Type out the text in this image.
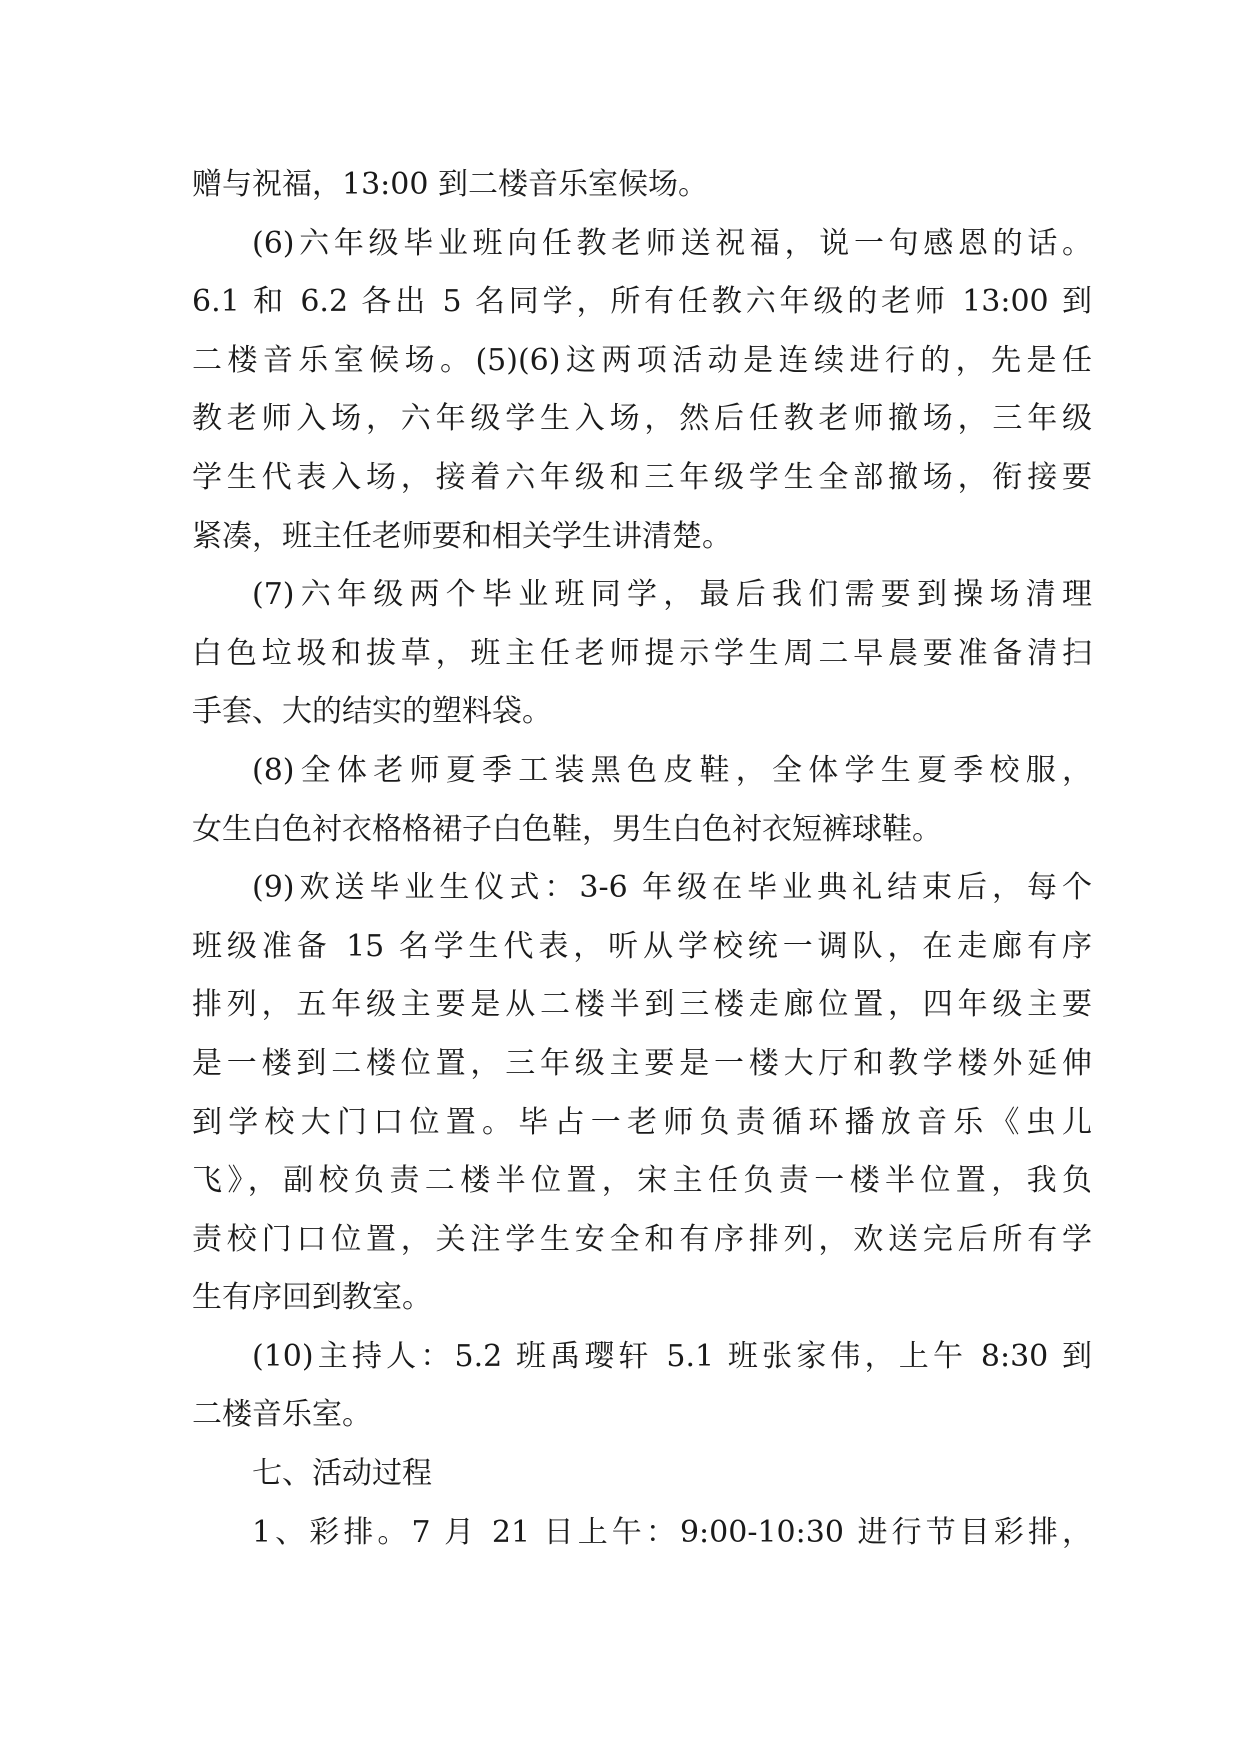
赠与祝福，13:00 到二楼音乐室候场。
(6)六年级毕业班向任教老师送祝福，说一句感恩的话。
6.1 和 6.2 各出 5 名同学，所有任教六年级的老师 13:00 到
二楼音乐室候场。(5)(6)这两项活动是连续进行的，先是任
教老师入场，六年级学生入场，然后任教老师撤场，三年级
学生代表入场，接着六年级和三年级学生全部撤场，衔接要
紧凑，班主任老师要和相关学生讲清楚。
(7)六年级两个毕业班同学，最后我们需要到操场清理
白色垃圾和拔草，班主任老师提示学生周二早晨要准备清扫
手套、大的结实的塑料袋。
(8)全体老师夏季工装黑色皮鞋，全体学生夏季校服，
女生白色衬衣格格裙子白色鞋，男生白色衬衣短裤球鞋。
(9)欢送毕业生仪式：3-6 年级在毕业典礼结束后，每个
班级准备 15 名学生代表，听从学校统一调队，在走廊有序
排列，五年级主要是从二楼半到三楼走廊位置，四年级主要
是一楼到二楼位置，三年级主要是一楼大厅和教学楼外延伸
到学校大门口位置。毕占一老师负责循环播放音乐《虫儿
飞》，副校负责二楼半位置，宋主任负责一楼半位置，我负
责校门口位置，关注学生安全和有序排列，欢送完后所有学
生有序回到教室。
(10)主持人：5.2 班禹璎轩 5.1 班张家伟，上午 8:30 到
二楼音乐室。
七、活动过程
1、彩排。7 月 21 日上午：9:00-10:30 进行节目彩排，
